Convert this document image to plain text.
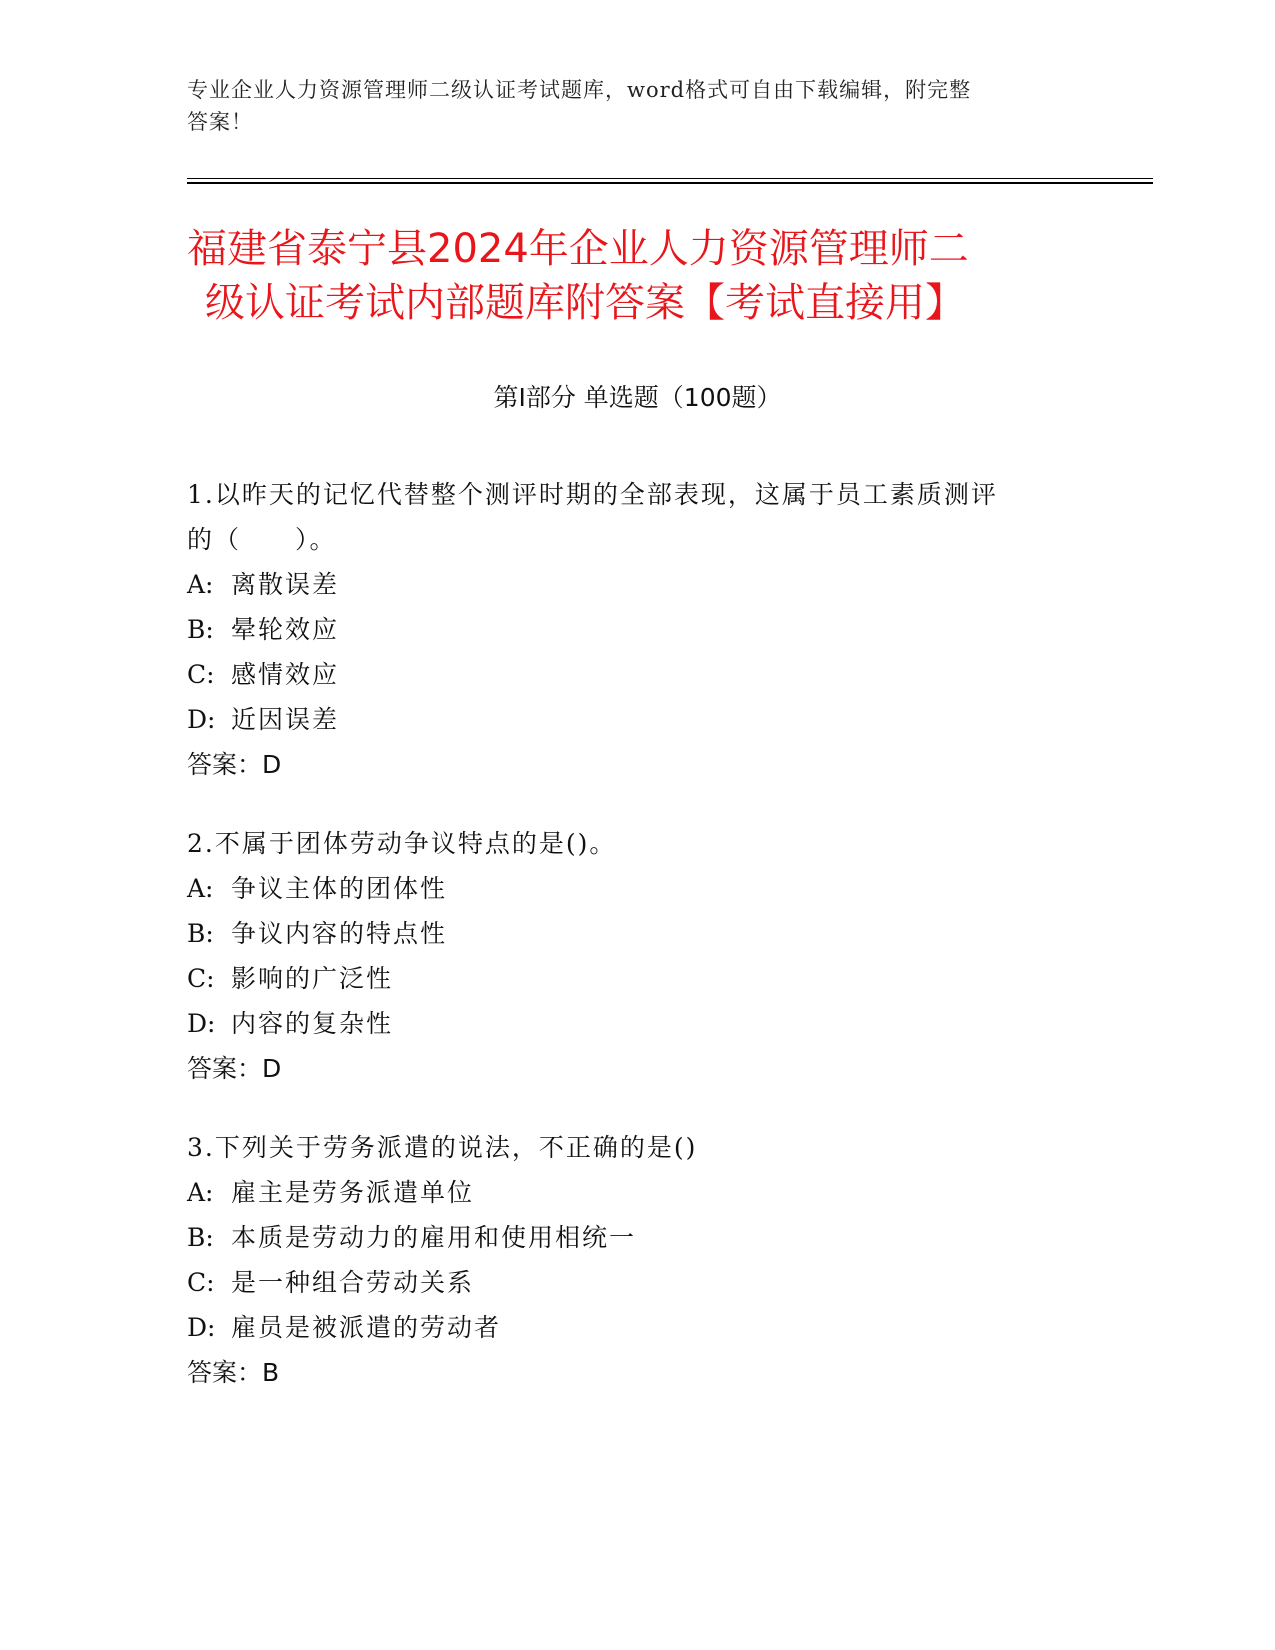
专业企业人力资源管理师二级认证考试题库，word格式可自由下载编辑，附完整
答案！
福建省泰宁县2024年企业人力资源管理师二
级认证考试内部题库附答案【考试直接用】
第Ⅰ部分 单选题（100题）
1.以昨天的记忆代替整个测评时期的全部表现，这属于员工素质测评
的（　　）。
A: 离散误差
B: 晕轮效应
C: 感情效应
D: 近因误差
答案：D
2.不属于团体劳动争议特点的是()。
A: 争议主体的团体性
B: 争议内容的特点性
C: 影响的广泛性
D: 内容的复杂性
答案：D
3.下列关于劳务派遣的说法，不正确的是()
A: 雇主是劳务派遣单位
B: 本质是劳动力的雇用和使用相统一
C: 是一种组合劳动关系
D: 雇员是被派遣的劳动者
答案：B
